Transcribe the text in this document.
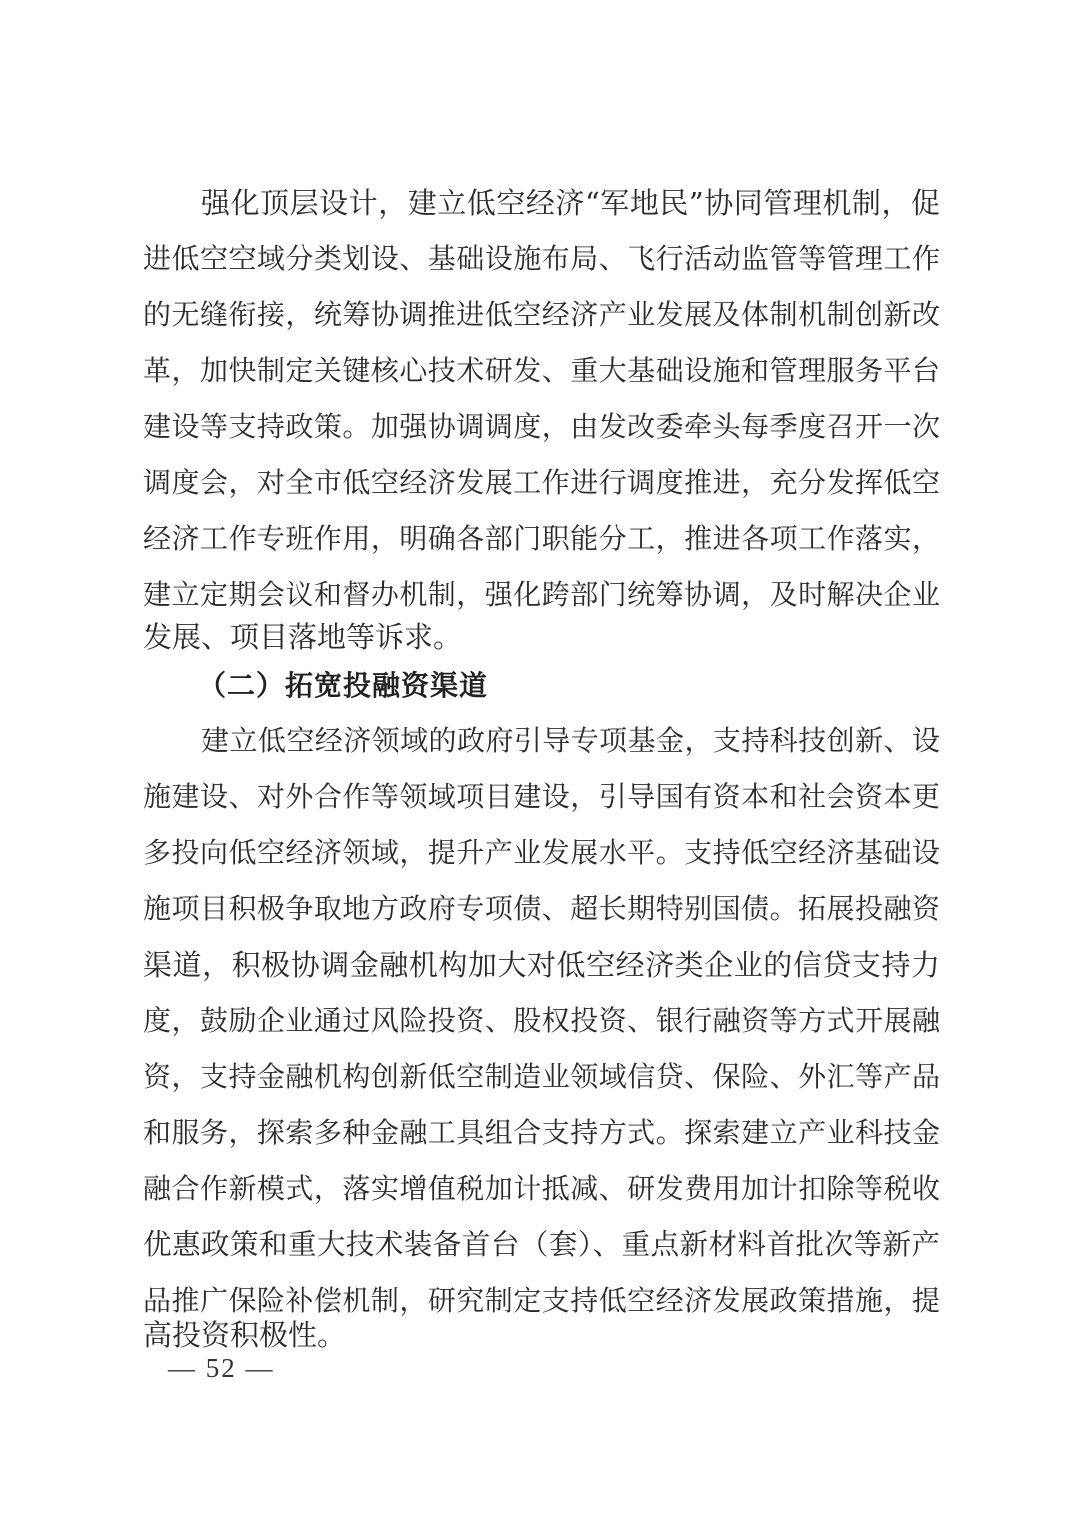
强化顶层设计，建立低空经济“军地民”协同管理机制，促
进低空空域分类划设、基础设施布局、飞行活动监管等管理工作
的无缝衔接，统筹协调推进低空经济产业发展及体制机制创新改
革，加快制定关键核心技术研发、重大基础设施和管理服务平台
建设等支持政策。加强协调调度，由发改委牵头每季度召开一次
调度会，对全市低空经济发展工作进行调度推进，充分发挥低空
经济工作专班作用，明确各部门职能分工，推进各项工作落实，
建立定期会议和督办机制，强化跨部门统筹协调，及时解决企业
发展、项目落地等诉求。
（二）拓宽投融资渠道
建立低空经济领域的政府引导专项基金，支持科技创新、设
施建设、对外合作等领域项目建设，引导国有资本和社会资本更
多投向低空经济领域，提升产业发展水平。支持低空经济基础设
施项目积极争取地方政府专项债、超长期特别国债。拓展投融资
渠道，积极协调金融机构加大对低空经济类企业的信贷支持力
度，鼓励企业通过风险投资、股权投资、银行融资等方式开展融
资，支持金融机构创新低空制造业领域信贷、保险、外汇等产品
和服务，探索多种金融工具组合支持方式。探索建立产业科技金
融合作新模式，落实增值税加计抵减、研发费用加计扣除等税收
优惠政策和重大技术装备首台（套）、重点新材料首批次等新产
品推广保险补偿机制，研究制定支持低空经济发展政策措施，提
高投资积极性。
— 52 —
